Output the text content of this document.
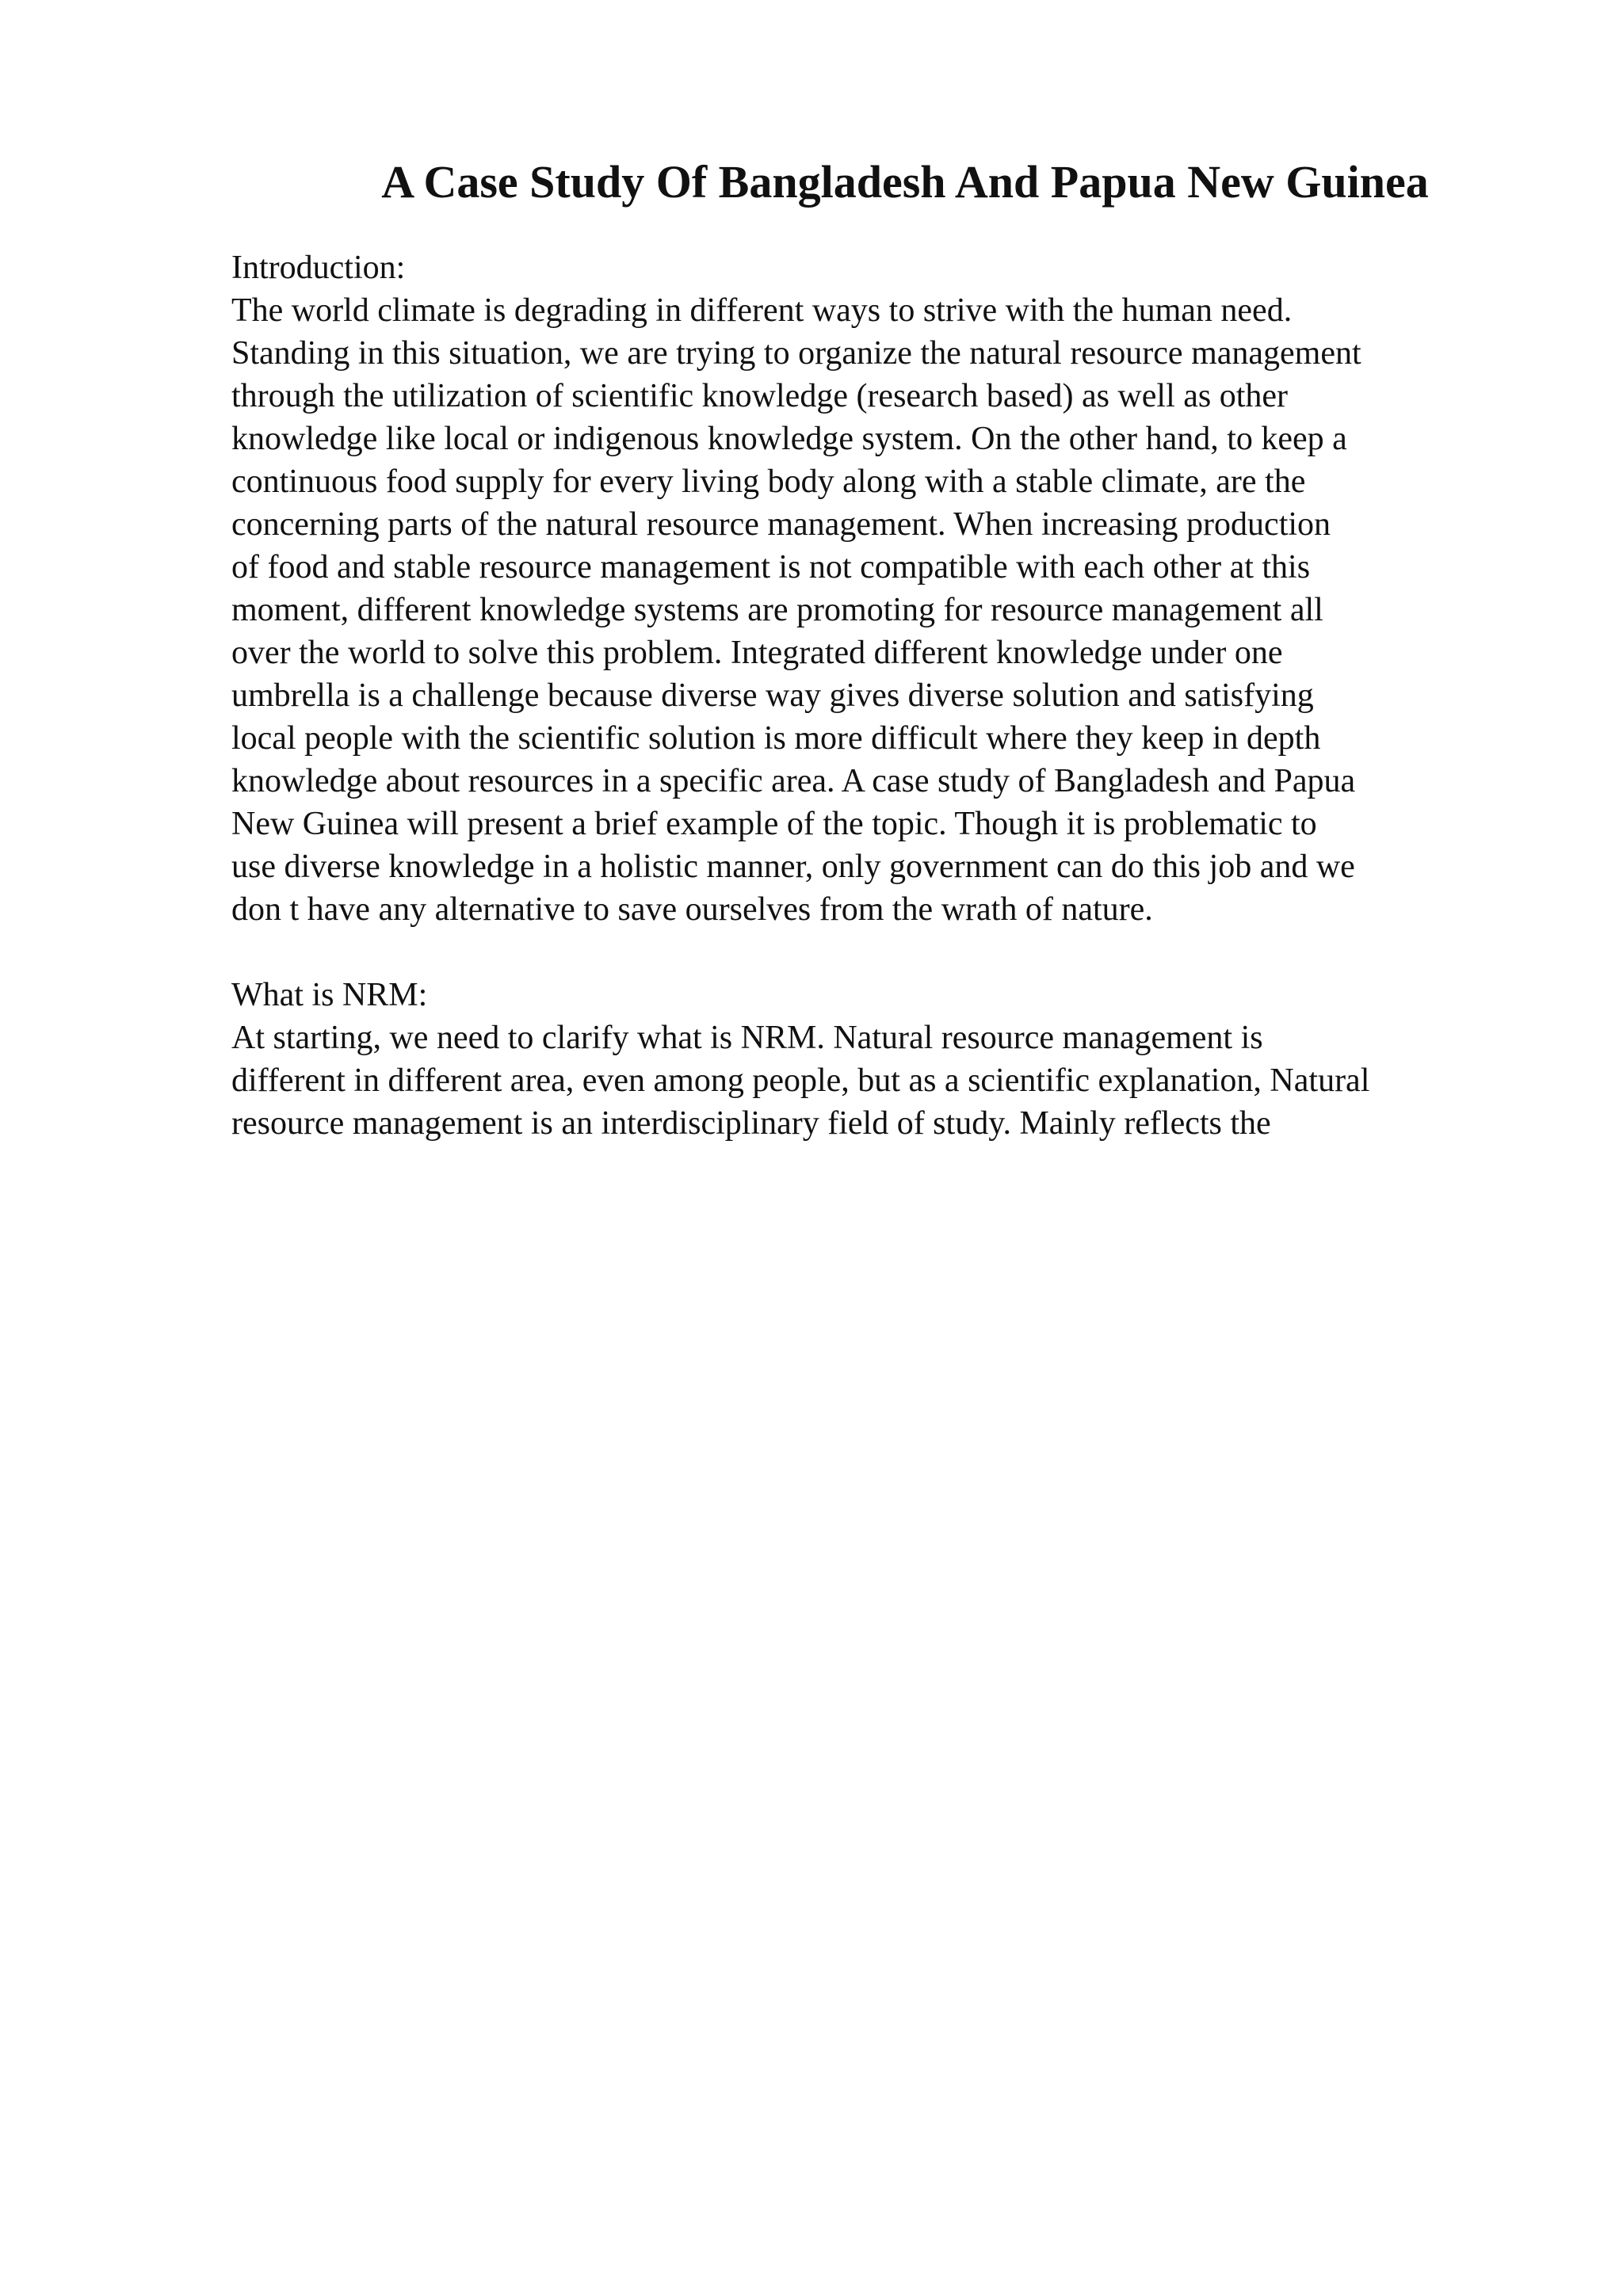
A Case Study Of Bangladesh And Papua New Guinea

Introduction:

The world climate is degrading in different ways to strive with the human need.
Standing in this situation, we are trying to organize the natural resource management
through the utilization of scientific knowledge (research based) as well as other
knowledge like local or indigenous knowledge system. On the other hand, to keep a
continuous food supply for every living body along with a stable climate, are the
concerning parts of the natural resource management. When increasing production
of food and stable resource management is not compatible with each other at this
moment, different knowledge systems are promoting for resource management all
over the world to solve this problem. Integrated different knowledge under one
umbrella is a challenge because diverse way gives diverse solution and satisfying
local people with the scientific solution is more difficult where they keep in depth
knowledge about resources in a specific area. A case study of Bangladesh and Papua
New Guinea will present a brief example of the topic. Though it is problematic to
use diverse knowledge in a holistic manner, only government can do this job and we
don t have any alternative to save ourselves from the wrath of nature.

What is NRM:

At starting, we need to clarify what is NRM. Natural resource management is
different in different area, even among people, but as a scientific explanation, Natural
resource management is an interdisciplinary field of study. Mainly reflects the
